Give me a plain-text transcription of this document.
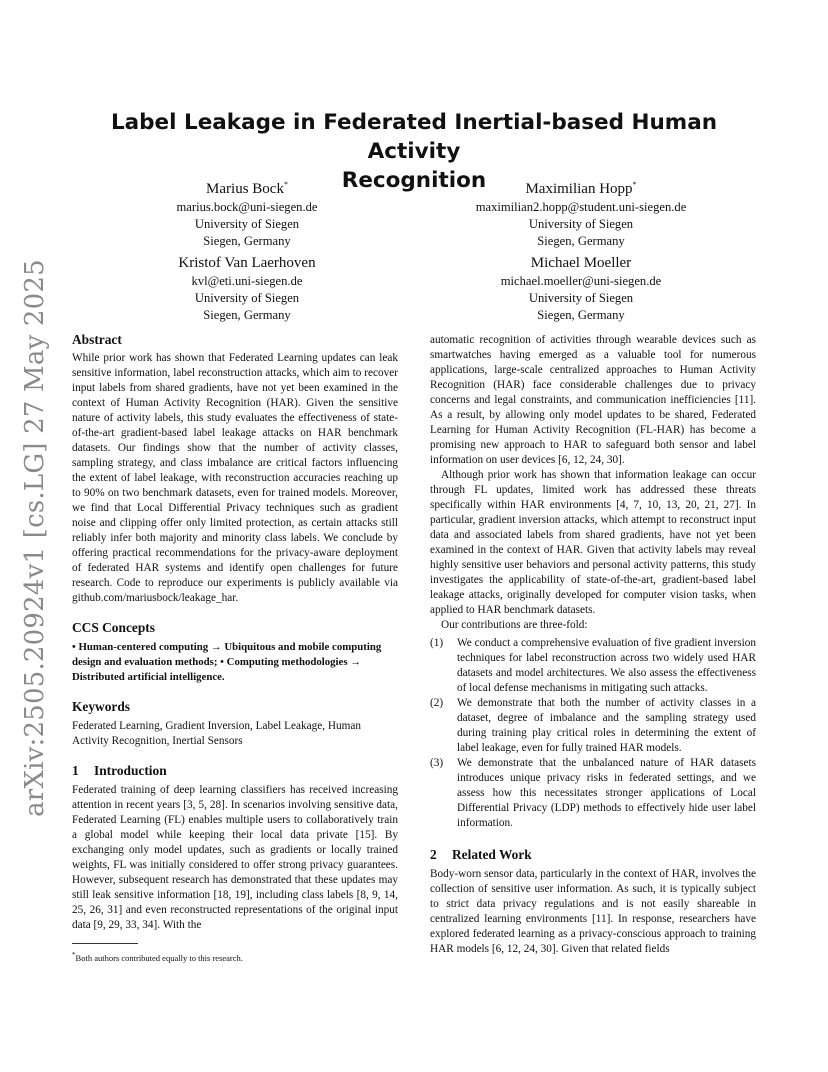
arXiv:2505.20924v1 [cs.LG] 27 May 2025
Label Leakage in Federated Inertial-based Human Activity
Recognition
Marius Bock*
marius.bock@uni-siegen.de
University of Siegen
Siegen, Germany
Maximilian Hopp*
maximilian2.hopp@student.uni-siegen.de
University of Siegen
Siegen, Germany
Kristof Van Laerhoven
kvl@eti.uni-siegen.de
University of Siegen
Siegen, Germany
Michael Moeller
michael.moeller@uni-siegen.de
University of Siegen
Siegen, Germany
Abstract

While prior work has shown that Federated Learning updates can leak sensitive information, label reconstruction attacks, which aim to recover input labels from shared gradients, have not yet been examined in the context of Human Activity Recognition (HAR). Given the sensitive nature of activity labels, this study evaluates the effectiveness of state-of-the-art gradient-based label leakage attacks on HAR benchmark datasets. Our findings show that the number of activity classes, sampling strategy, and class imbalance are critical factors influencing the extent of label leakage, with reconstruction accuracies reaching up to 90% on two benchmark datasets, even for trained models. Moreover, we find that Local Differential Privacy techniques such as gradient noise and clipping offer only limited protection, as certain attacks still reliably infer both majority and minority class labels. We conclude by offering practical recommendations for the privacy-aware deployment of federated HAR systems and identify open challenges for future research. Code to reproduce our experiments is publicly available via github.com/mariusbock/leakage_har.

CCS Concepts

• Human-centered computing → Ubiquitous and mobile computing design and evaluation methods; • Computing methodologies → Distributed artificial intelligence.

Keywords

Federated Learning, Gradient Inversion, Label Leakage, Human Activity Recognition, Inertial Sensors

1 Introduction

Federated training of deep learning classifiers has received increasing attention in recent years [3, 5, 28]. In scenarios involving sensitive data, Federated Learning (FL) enables multiple users to collaboratively train a global model while keeping their local data private [15]. By exchanging only model updates, such as gradients or locally trained weights, FL was initially considered to offer strong privacy guarantees. However, subsequent research has demonstrated that these updates may still leak sensitive information [18, 19], including class labels [8, 9, 14, 25, 26, 31] and even reconstructed representations of the original input data [9, 29, 33, 34]. With the

*Both authors contributed equally to this research.

automatic recognition of activities through wearable devices such as smartwatches having emerged as a valuable tool for numerous applications, large-scale centralized approaches to Human Activity Recognition (HAR) face considerable challenges due to privacy concerns and legal constraints, and communication inefficiencies [11]. As a result, by allowing only model updates to be shared, Federated Learning for Human Activity Recognition (FL-HAR) has become a promising new approach to HAR to safeguard both sensor and label information on user devices [6, 12, 24, 30].

Although prior work has shown that information leakage can occur through FL updates, limited work has addressed these threats specifically within HAR environments [4, 7, 10, 13, 20, 21, 27]. In particular, gradient inversion attacks, which attempt to reconstruct input data and associated labels from shared gradients, have not yet been examined in the context of HAR. Given that activity labels may reveal highly sensitive user behaviors and personal activity patterns, this study investigates the applicability of state-of-the-art, gradient-based label leakage attacks, originally developed for computer vision tasks, when applied to HAR benchmark datasets.

Our contributions are three-fold:

(1) We conduct a comprehensive evaluation of five gradient inversion techniques for label reconstruction across two widely used HAR datasets and model architectures. We also assess the effectiveness of local defense mechanisms in mitigating such attacks.

(2) We demonstrate that both the number of activity classes in a dataset, degree of imbalance and the sampling strategy used during training play critical roles in determining the extent of label leakage, even for fully trained HAR models.

(3) We demonstrate that the unbalanced nature of HAR datasets introduces unique privacy risks in federated settings, and we assess how this necessitates stronger applications of Local Differential Privacy (LDP) methods to effectively hide user label information.

2 Related Work

Body-worn sensor data, particularly in the context of HAR, involves the collection of sensitive user information. As such, it is typically subject to strict data privacy regulations and is not easily shareable in centralized learning environments [11]. In response, researchers have explored federated learning as a privacy-conscious approach to training HAR models [6, 12, 24, 30]. Given that related fields
